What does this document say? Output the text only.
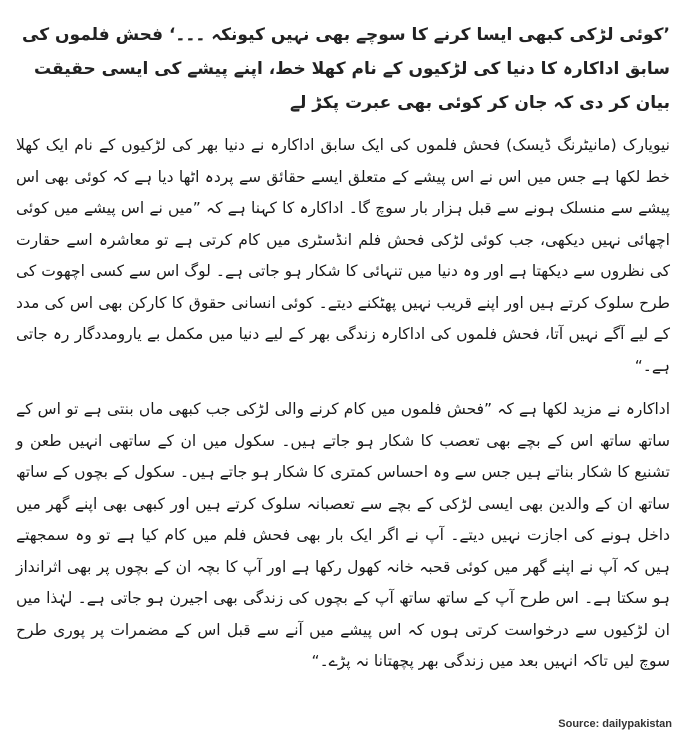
’کوئی لڑکی کبھی ایسا کرنے کا سوچے بھی نہیں کیونکہ ۔۔۔‘ فحش فلموں کی سابق اداکارہ کا دنیا کی لڑکیوں کے نام کھلا خط، اپنے پیشے کی ایسی حقیقت بیان کر دی کہ جان کر کوئی بھی عبرت پکڑ لے

نیویارک (مانیٹرنگ ڈیسک) فحش فلموں کی ایک سابق اداکارہ نے دنیا بھر کی لڑکیوں کے نام ایک کھلا خط لکھا ہے جس میں اس نے اس پیشے کے متعلق ایسے حقائق سے پردہ اٹھا دیا ہے کہ کوئی بھی اس پیشے سے منسلک ہونے سے قبل ہزار بار سوچ گا۔ اداکارہ کا کہنا ہے کہ ”میں نے اس پیشے میں کوئی اچھائی نہیں دیکھی، جب کوئی لڑکی فحش فلم انڈسٹری میں کام کرتی ہے تو معاشرہ اسے حقارت کی نظروں سے دیکھتا ہے اور وہ دنیا میں تنہائی کا شکار ہو جاتی ہے۔ لوگ اس سے کسی اچھوت کی طرح سلوک کرتے ہیں اور اپنے قریب نہیں پھٹکنے دیتے۔ کوئی انسانی حقوق کا کارکن بھی اس کی مدد کے لیے آگے نہیں آتا، فحش فلموں کی اداکارہ زندگی بھر کے لیے دنیا میں مکمل بے یارومددگار رہ جاتی ہے۔“

اداکارہ نے مزید لکھا ہے کہ ”فحش فلموں میں کام کرنے والی لڑکی جب کبھی ماں بنتی ہے تو اس کے ساتھ ساتھ اس کے بچے بھی تعصب کا شکار ہو جاتے ہیں۔ سکول میں ان کے ساتھی انہیں طعن و تشنیع کا شکار بناتے ہیں جس سے وہ احساس کمتری کا شکار ہو جاتے ہیں۔ سکول کے بچوں کے ساتھ ساتھ ان کے والدین بھی ایسی لڑکی کے بچے سے تعصبانہ سلوک کرتے ہیں اور کبھی بھی اپنے گھر میں داخل ہونے کی اجازت نہیں دیتے۔ آپ نے اگر ایک بار بھی فحش فلم میں کام کیا ہے تو وہ سمجھتے ہیں کہ آپ نے اپنے گھر میں کوئی قحبہ خانہ کھول رکھا ہے اور آپ کا بچہ ان کے بچوں پر بھی اثرانداز ہو سکتا ہے۔ اس طرح آپ کے ساتھ ساتھ آپ کے بچوں کی زندگی بھی اجیرن ہو جاتی ہے۔ لہٰذا میں ان لڑکیوں سے درخواست کرتی ہوں کہ اس پیشے میں آنے سے قبل اس کے مضمرات پر پوری طرح سوچ لیں تاکہ انہیں بعد میں زندگی بھر پچھتانا نہ پڑے۔“

Source: dailypakistan
